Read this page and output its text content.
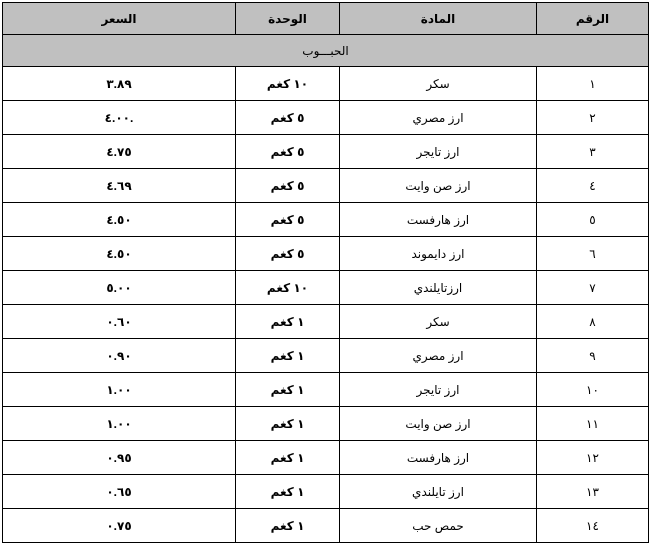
السعر	الوحدة	المادة	الرقم
الحبـــوب			
٣.٨٩	١٠ كغم	سكر	١
٤.٠٠.	٥ كغم	ارز مصري	٢
٤.٧٥	٥ كغم	ارز تايجر	٣
٤.٦٩	٥ كغم	ارز صن وايت	٤
٤.٥٠	٥ كغم	ارز هارفست	٥
٤.٥٠	٥ كغم	ارز دايموند	٦
٥.٠٠	١٠ كغم	ارزتايلندي	٧
٠.٦٠	١ كغم	سكر	٨
٠.٩٠	١ كغم	ارز مصري	٩
١.٠٠	١ كغم	ارز تايجر	١٠
١.٠٠	١ كغم	ارز صن وايت	١١
٠.٩٥	١ كغم	ارز هارفست	١٢
٠.٦٥	١ كغم	ارز تايلندي	١٣
٠.٧٥	١ كغم	حمص حب	١٤
